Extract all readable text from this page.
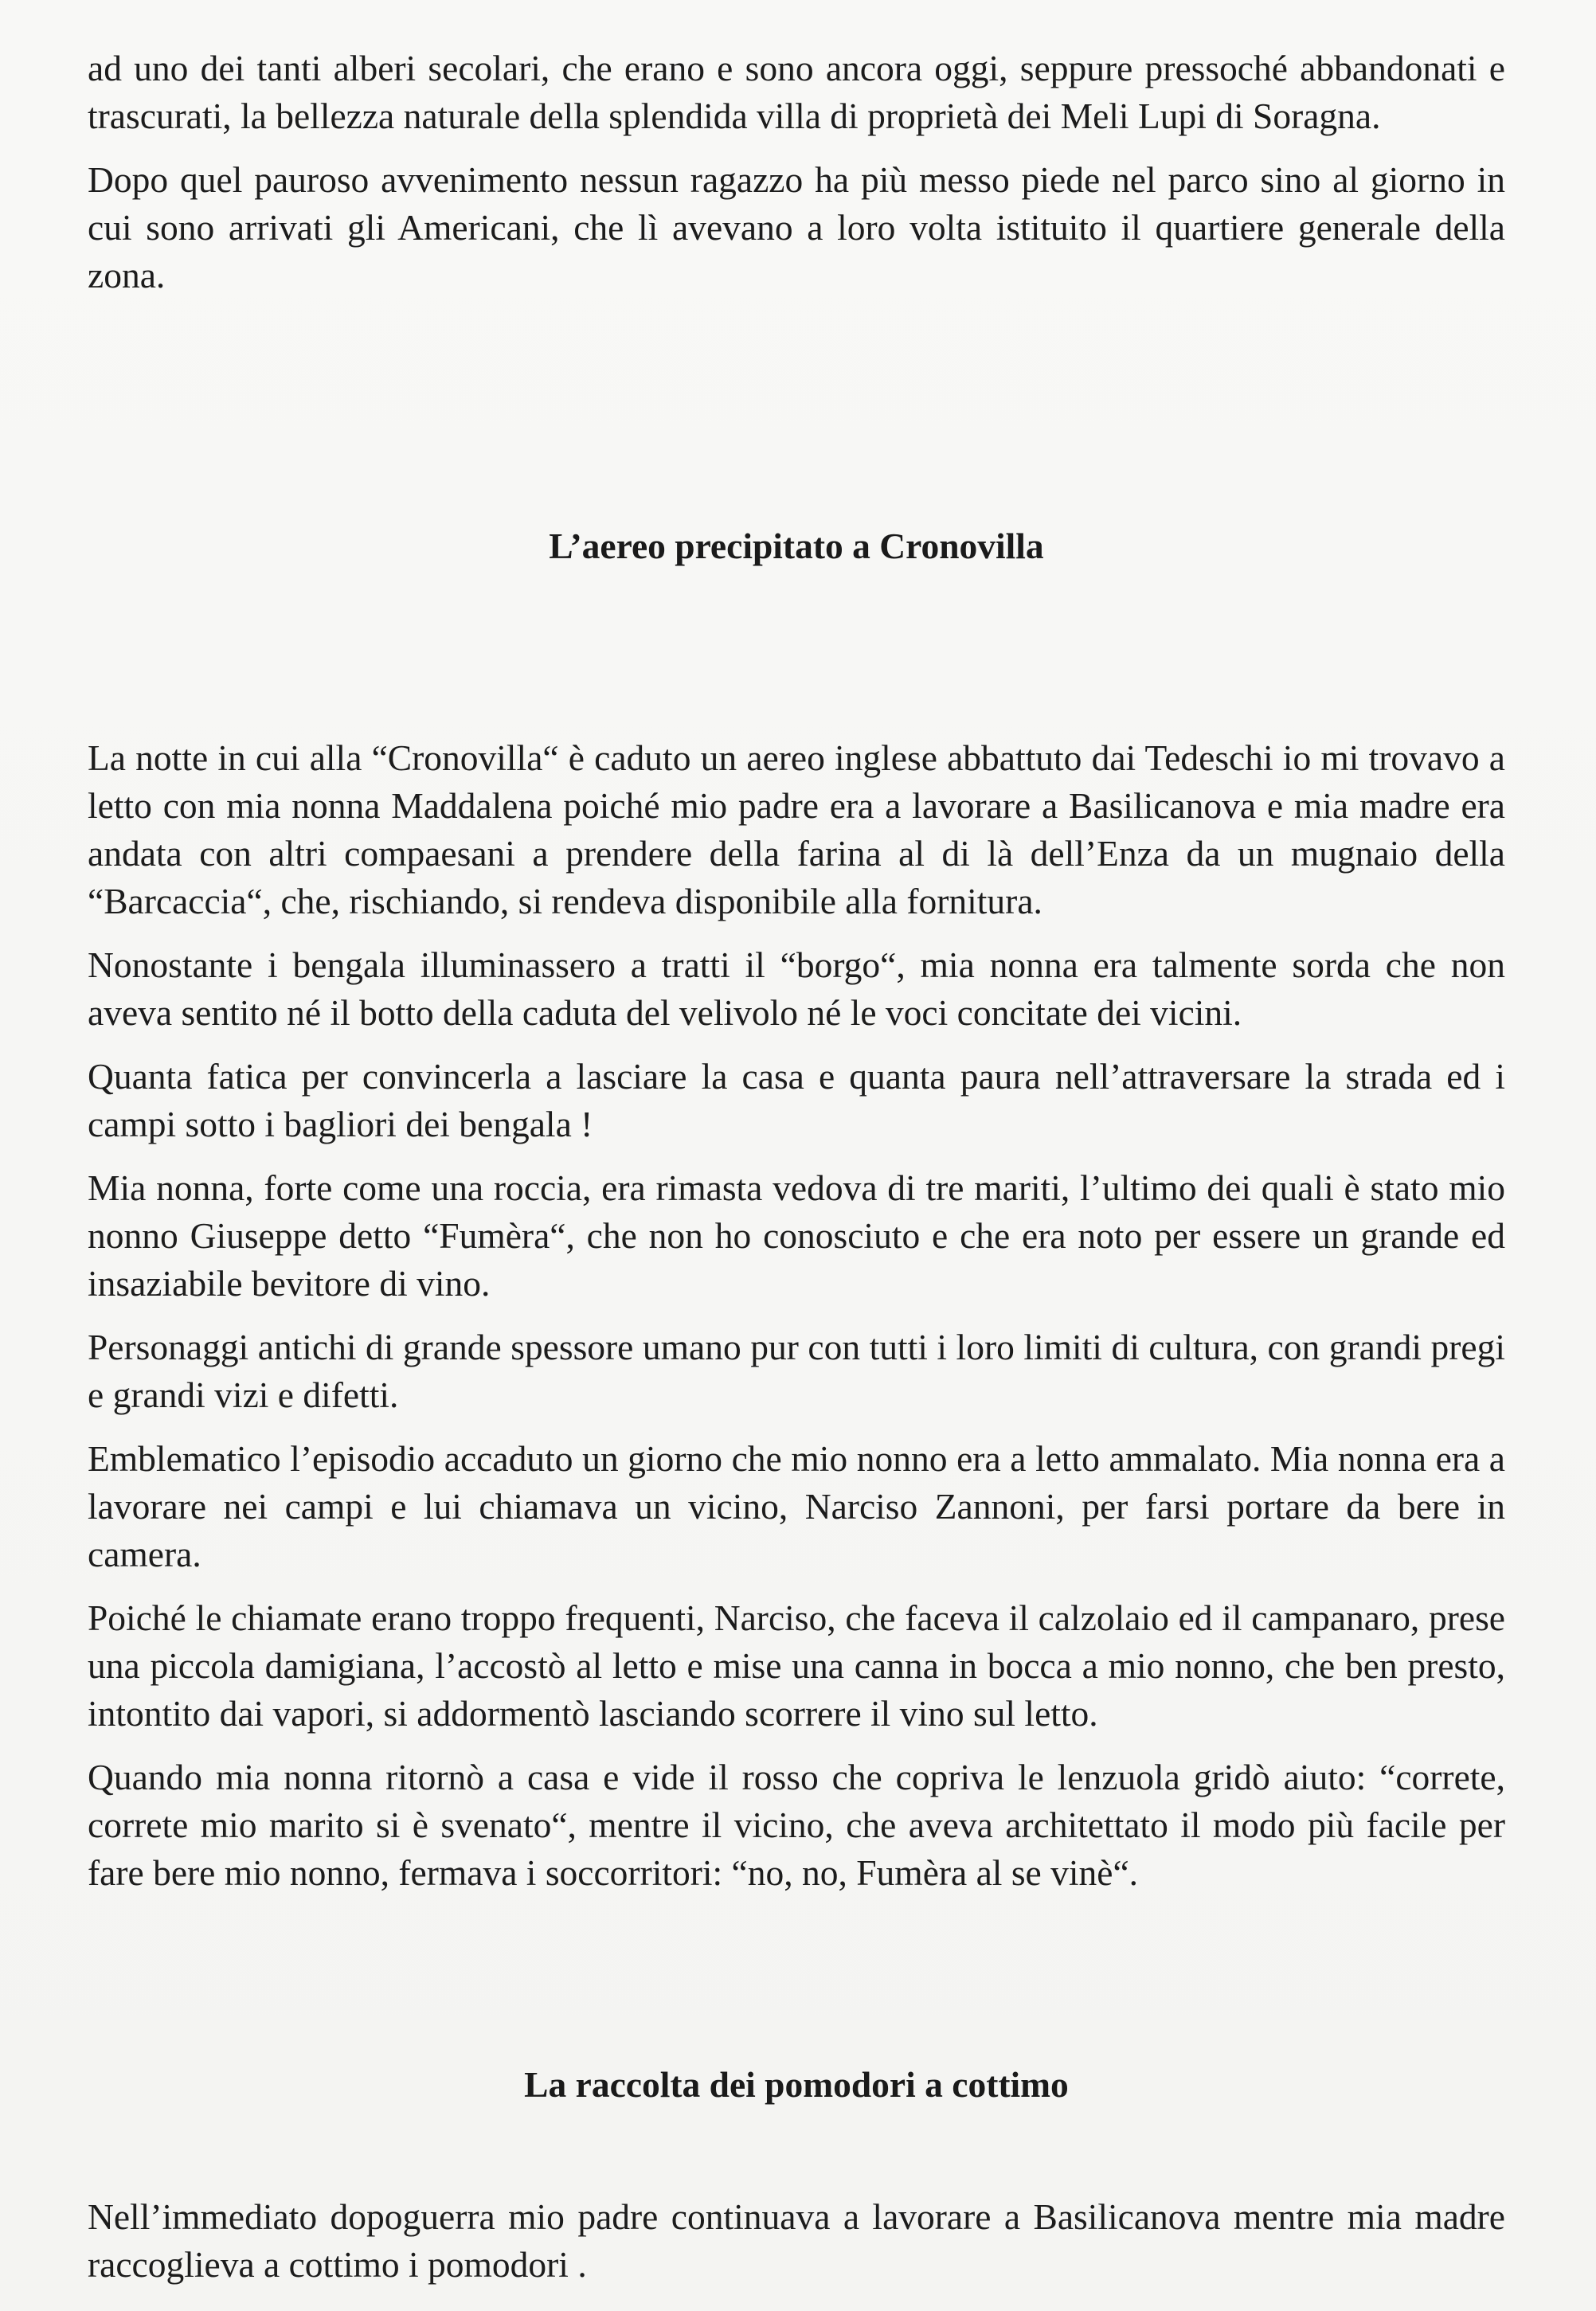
ad uno dei tanti alberi secolari, che erano e sono ancora oggi, seppure pressoché abbandonati e trascurati, la bellezza naturale della splendida villa di proprietà dei Meli Lupi di Soragna.

Dopo quel pauroso avvenimento nessun ragazzo ha più messo piede nel parco sino al giorno in cui sono arrivati gli Americani, che lì avevano a loro volta istituito il quartiere generale della zona.

L’aereo precipitato a Cronovilla

La notte in cui alla “Cronovilla“ è caduto un aereo inglese abbattuto dai Tedeschi io mi trovavo a letto con mia nonna Maddalena poiché mio padre era a lavorare a Basilicanova e mia madre era andata con altri compaesani a prendere della farina al di là dell’Enza da un mugnaio della “Barcaccia“, che, rischiando, si rendeva disponibile alla fornitura.

Nonostante i bengala illuminassero a tratti il “borgo“, mia nonna era talmente sorda che non aveva sentito né il botto della caduta del velivolo né le voci concitate dei vicini.

Quanta fatica per convincerla a lasciare la casa e quanta paura nell’attraversare la strada ed i campi sotto i bagliori dei bengala !

Mia nonna, forte come una roccia, era rimasta vedova di tre mariti, l’ultimo dei quali è stato mio nonno Giuseppe detto “Fumèra“, che non ho conosciuto e che era noto per essere un grande ed insaziabile bevitore di vino.

Personaggi antichi di grande spessore umano pur con tutti i loro limiti di cultura, con grandi pregi e grandi vizi e difetti.

Emblematico l’episodio accaduto un giorno che mio nonno era a letto ammalato. Mia nonna era a lavorare nei campi e lui chiamava un vicino, Narciso Zannoni, per farsi portare da bere in camera.

Poiché le chiamate erano troppo frequenti, Narciso, che faceva il calzolaio ed il campanaro, prese una piccola damigiana, l’accostò al letto e mise una canna in bocca a mio nonno, che ben presto, intontito dai vapori, si addormentò lasciando scorrere il vino sul letto.

Quando mia nonna ritornò a casa e vide il rosso che copriva le lenzuola gridò aiuto: “correte, correte mio marito si è svenato“, mentre il vicino, che aveva architettato il modo più facile per fare bere mio nonno, fermava i soccorritori: “no, no, Fumèra al se vinè“.

La raccolta dei pomodori a cottimo

Nell’immediato dopoguerra mio padre continuava a lavorare a Basilicanova mentre mia madre raccoglieva a cottimo i pomodori .
